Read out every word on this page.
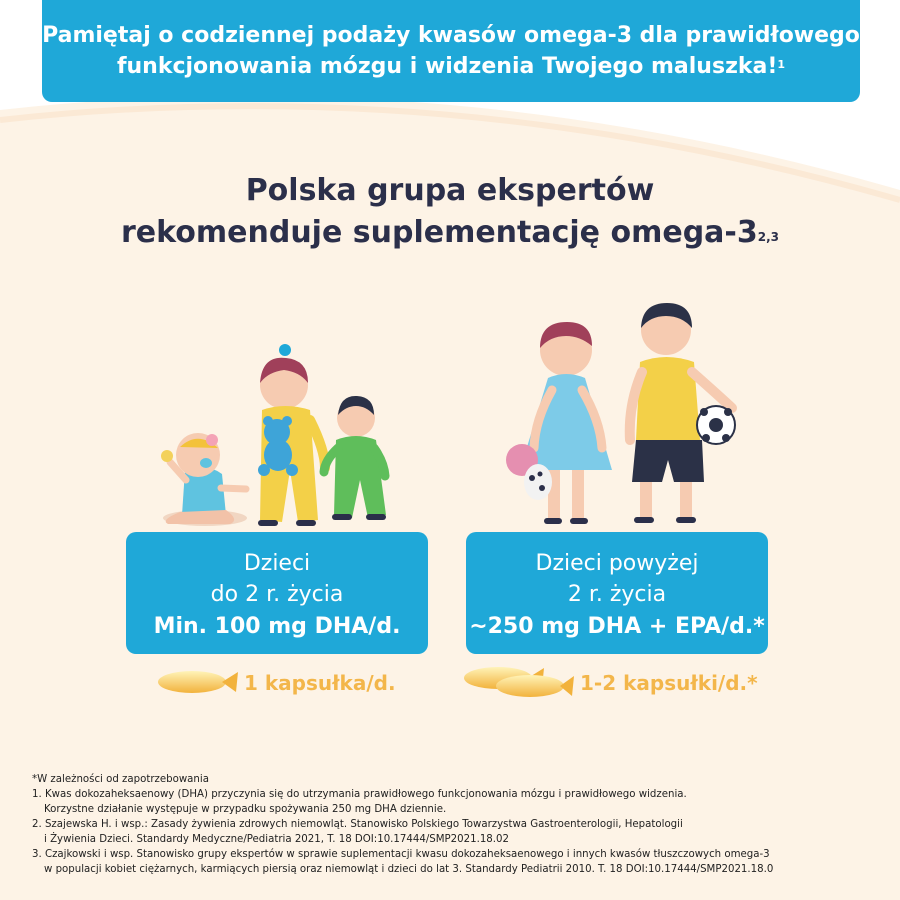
Pamiętaj o codziennej podaży kwasów omega-3 dla prawidłowego
funkcjonowania mózgu i widzenia Twojego maluszka!$^1$
Polska grupa ekspertów
rekomenduje suplementację omega-3$^{2,3}$
Dzieci
do 2 r. życia
Min. 100 mg DHA/d.
Dzieci powyżej
2 r. życia
~250 mg DHA + EPA/d.*
1 kapsułka/d.	1-2 kapsułki/d.*
*W zależności od zapotrzebowania
1. Kwas dokozaheksaenowy (DHA) przyczynia się do utrzymania prawidłowego funkcjonowania mózgu i prawidłowego widzenia.
Korzystne działanie występuje w przypadku spożywania 250 mg DHA dziennie.
2. Szajewska H. i wsp.: Zasady żywienia zdrowych niemowląt. Stanowisko Polskiego Towarzystwa Gastroenterologii, Hepatologii
i Żywienia Dzieci. Standardy Medyczne/Pediatria 2021, T. 18 DOI:10.17444/SMP2021.18.02
3. Czajkowski i wsp. Stanowisko grupy ekspertów w sprawie suplementacji kwasu dokozaheksaenowego i innych kwasów tłuszczowych omega-3
w populacji kobiet ciężarnych, karmiących piersią oraz niemowląt i dzieci do lat 3. Standardy Pediatrii 2010. T. 18 DOI:10.17444/SMP2021.18.0
